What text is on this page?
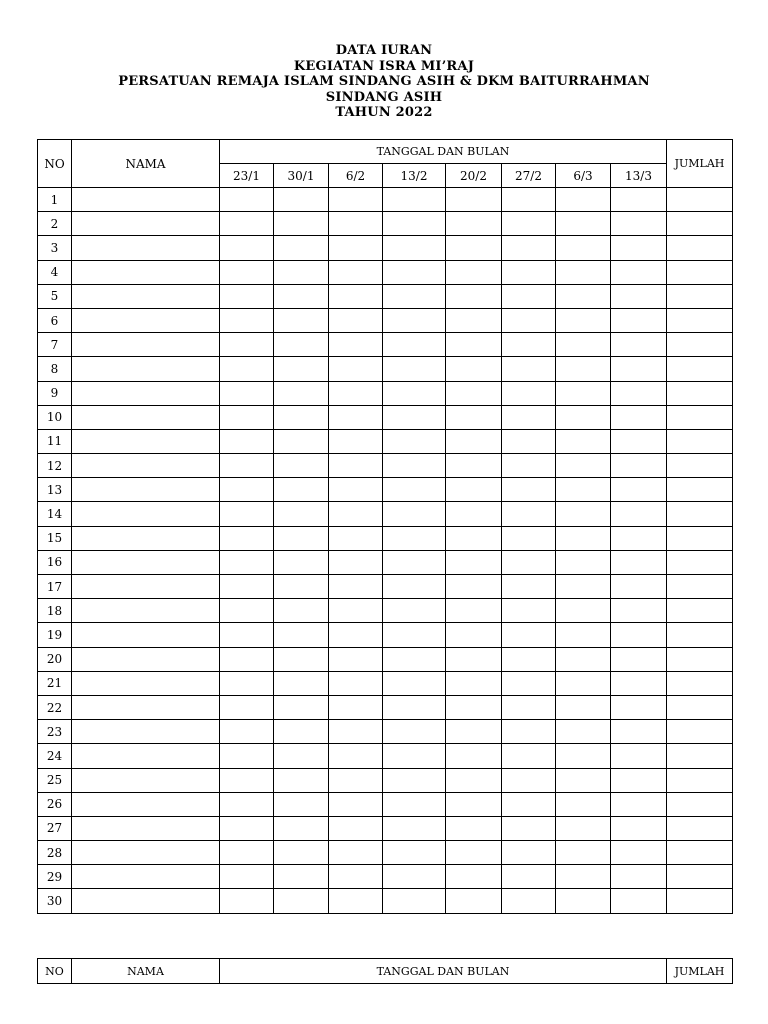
DATA IURAN
KEGIATAN ISRA MI’RAJ
PERSATUAN REMAJA ISLAM SINDANG ASIH & DKM BAITURRAHMAN
SINDANG ASIH
TAHUN 2022
NO	NAMA	TANGGAL DAN BULAN								JUMLAH
		23/1	30/1	6/2	13/2	20/2	27/2	6/3	13/3	
1										
2										
3										
4										
5										
6										
7										
8										
9										
10										
11										
12										
13										
14										
15										
16										
17										
18										
19										
20										
21										
22										
23										
24										
25										
26										
27										
28										
29										
30										
NO	NAMA	TANGGAL DAN BULAN	JUMLAH
